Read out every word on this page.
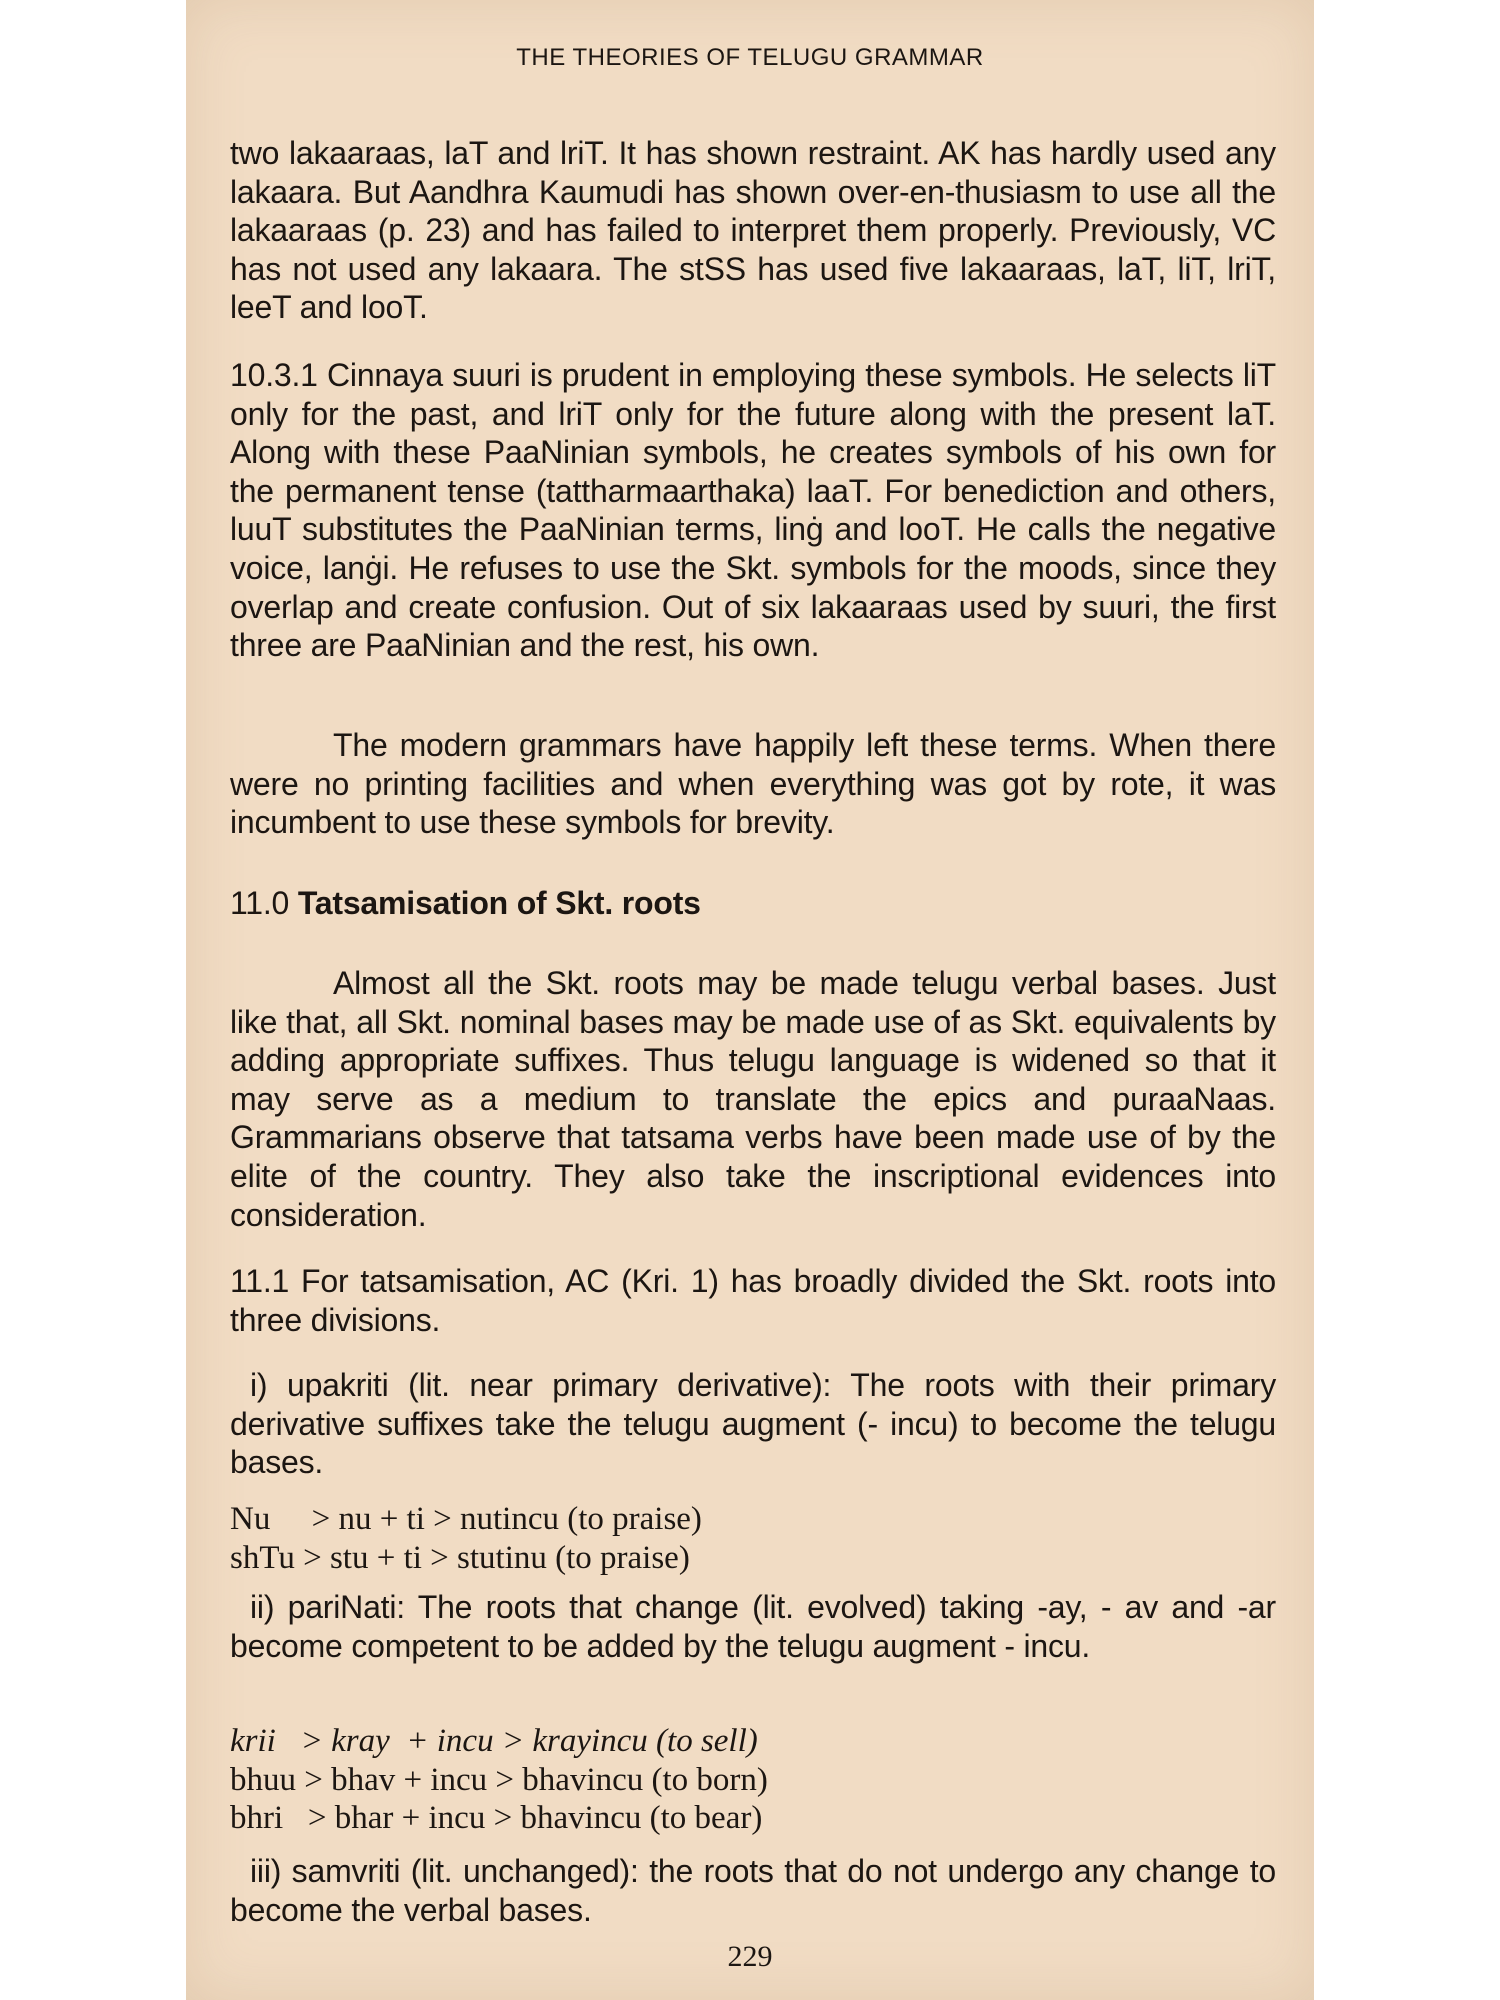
THE THEORIES OF TELUGU GRAMMAR

two lakaaraas, laT and lriT. It has shown restraint. AK has hardly used any lakaara. But Aandhra Kaumudi has shown over-en-thusiasm to use all the lakaaraas (p. 23) and has failed to interpret them properly. Previously, VC has not used any lakaara. The stSS has used five lakaaraas, laT, liT, lriT, leeT and looT.

10.3.1 Cinnaya suuri is prudent in employing these symbols. He selects liT only for the past, and lriT only for the future along with the present laT. Along with these PaaNinian symbols, he creates symbols of his own for the permanent tense (tattharmaarthaka) laaT. For benediction and others, luuT substitutes the PaaNinian terms, linġ and looT. He calls the negative voice, lanġi. He refuses to use the Skt. symbols for the moods, since they overlap and create confusion. Out of six lakaaraas used by suuri, the first three are PaaNinian and the rest, his own.

The modern grammars have happily left these terms. When there were no printing facilities and when everything was got by rote, it was incumbent to use these symbols for brevity.

11.0 Tatsamisation of Skt. roots

Almost all the Skt. roots may be made telugu verbal bases. Just like that, all Skt. nominal bases may be made use of as Skt. equivalents by adding appropriate suffixes. Thus telugu language is widened so that it may serve as a medium to translate the epics and puraaNaas. Grammarians observe that tatsama verbs have been made use of by the elite of the country. They also take the inscriptional evidences into consideration.

11.1 For tatsamisation, AC (Kri. 1) has broadly divided the Skt. roots into three divisions.

i) upakriti (lit. near primary derivative): The roots with their primary derivative suffixes take the telugu augment (- incu) to become the telugu bases.

Nu     > nu + ti > nutincu (to praise)
shTu > stu + ti > stutinu (to praise)

ii) pariNati: The roots that change (lit. evolved) taking -ay, - av and -ar become competent to be added by the telugu augment - incu.

krii   > kray  + incu > krayincu (to sell)
bhuu > bhav + incu > bhavincu (to born)
bhri   > bhar + incu > bhavincu (to bear)

iii) samvriti (lit. unchanged): the roots that do not undergo any change to become the verbal bases.

229
